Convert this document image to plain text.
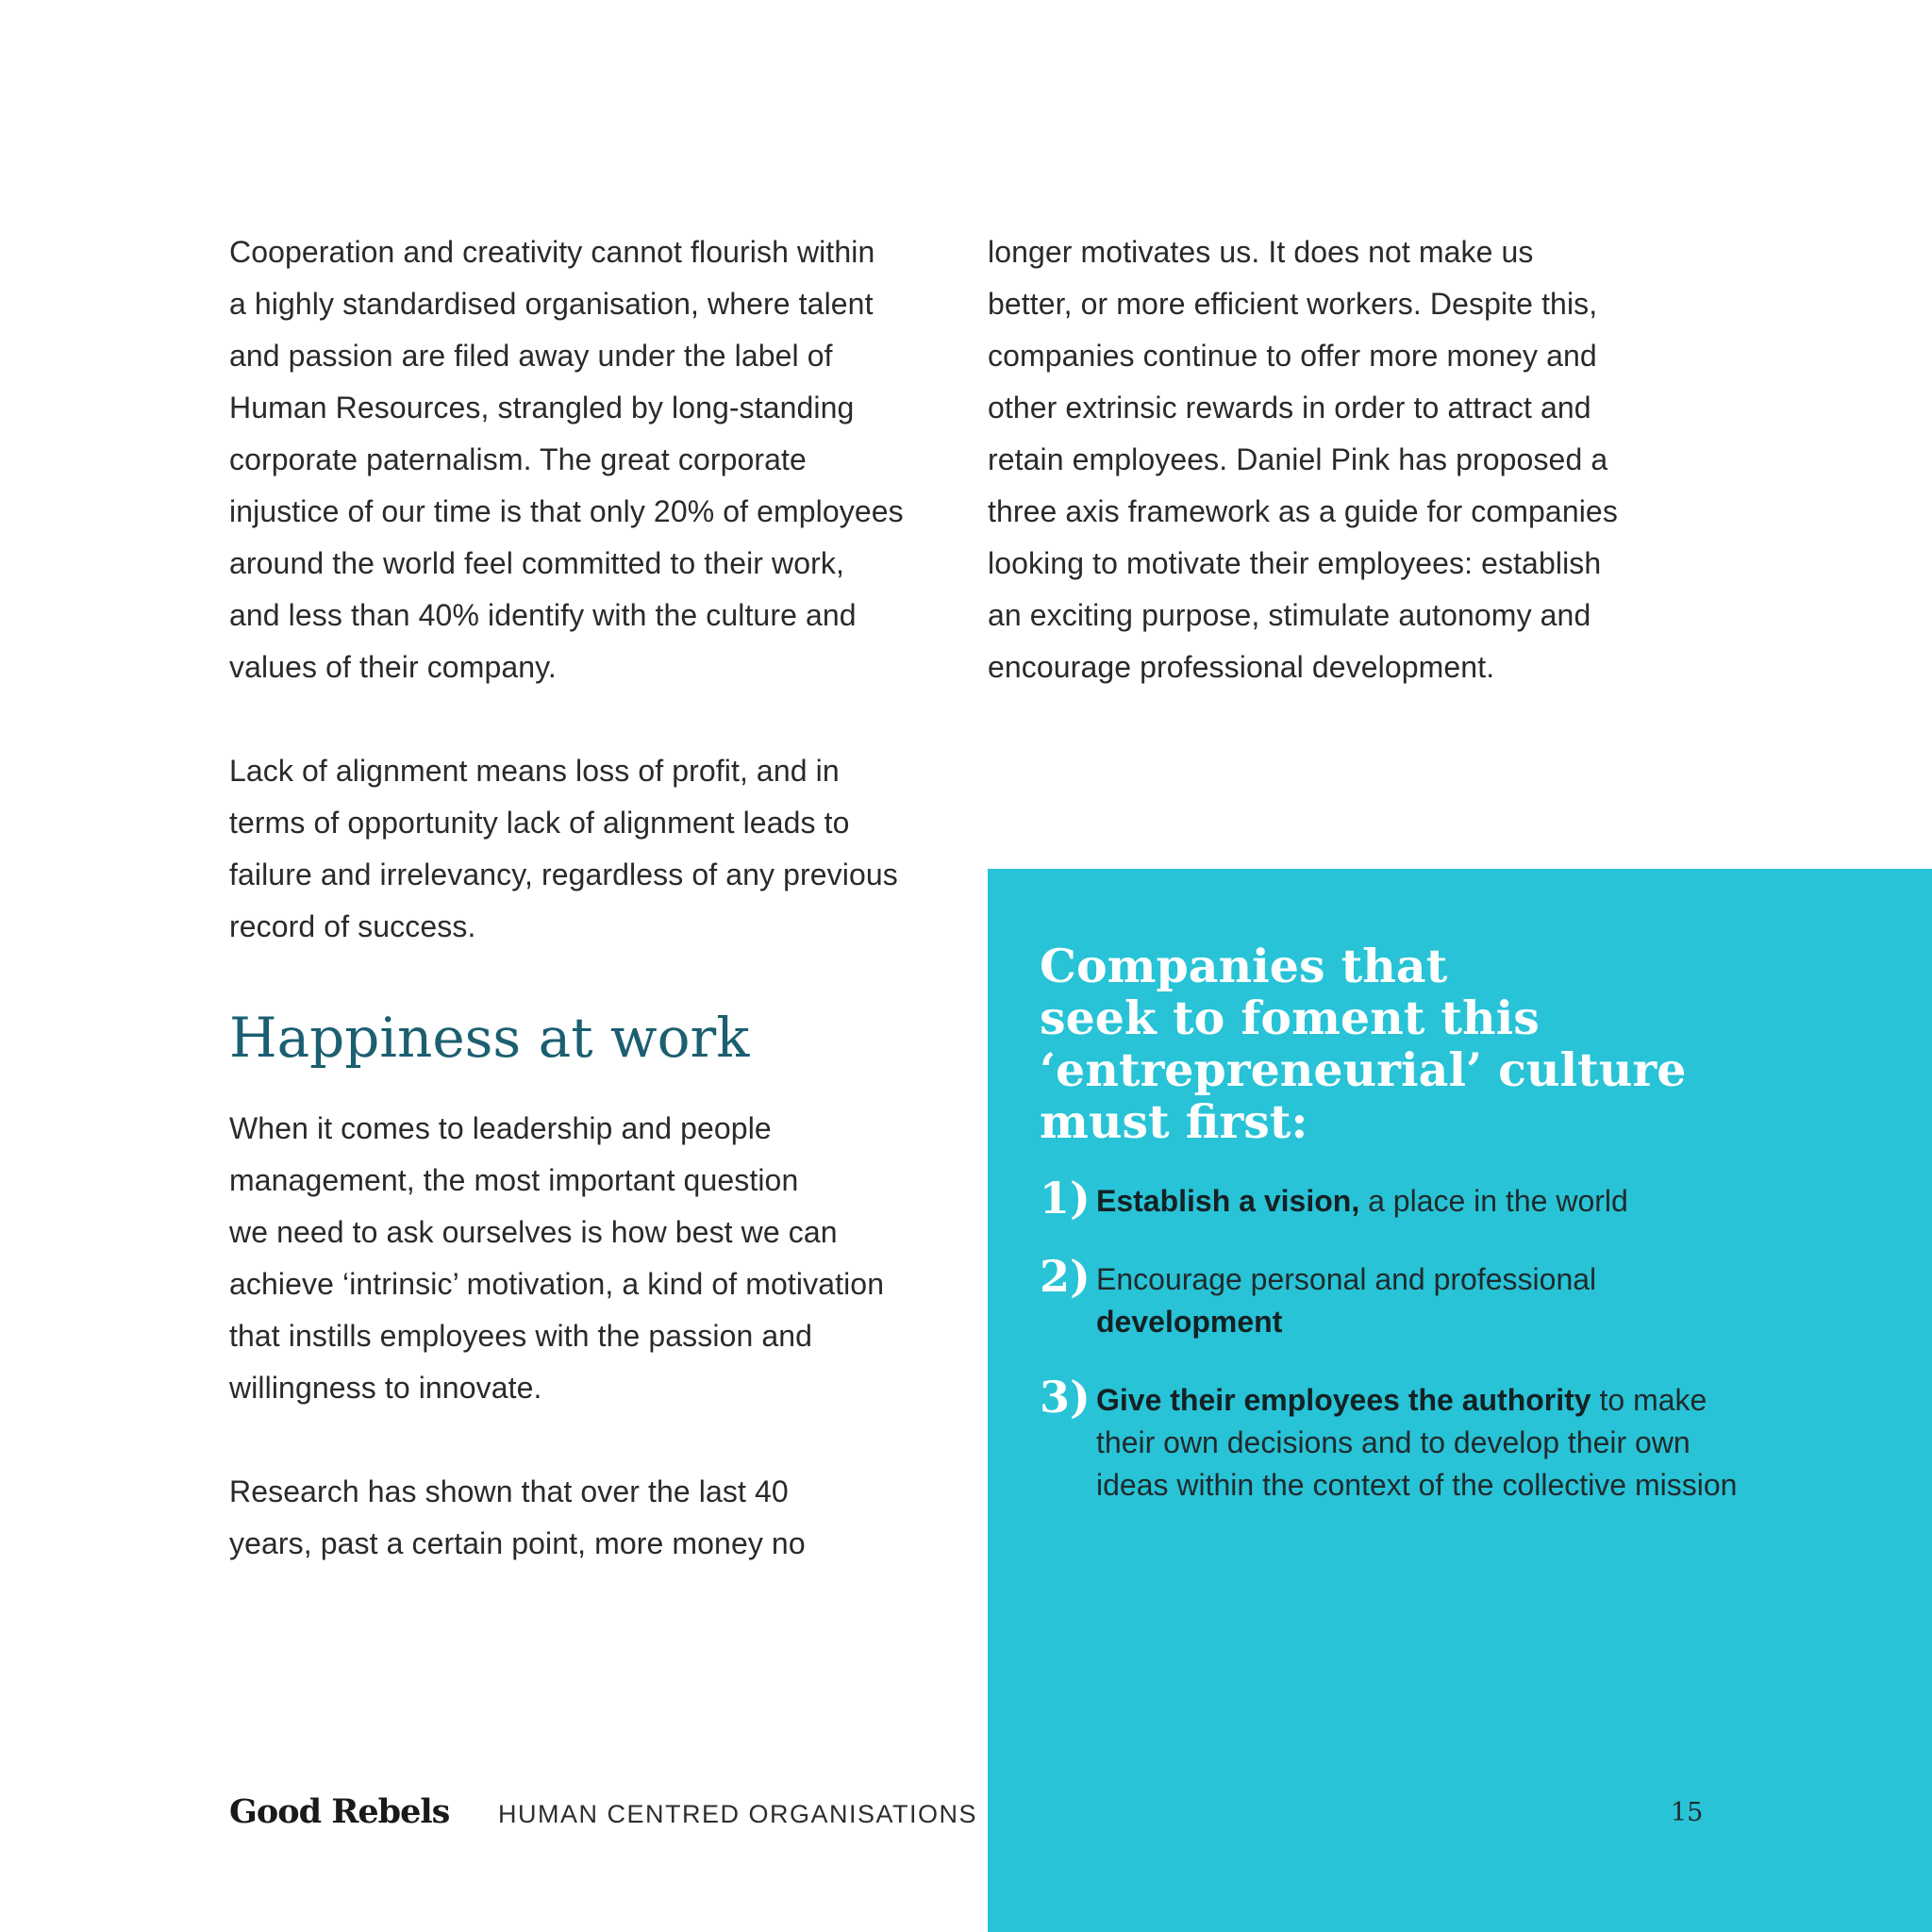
Cooperation and creativity cannot flourish within
a highly standardised organisation, where talent
and passion are filed away under the label of
Human Resources, strangled by long-standing
corporate paternalism. The great corporate
injustice of our time is that only 20% of employees
around the world feel committed to their work,
and less than 40% identify with the culture and
values of their company.

Lack of alignment means loss of profit, and in
terms of opportunity lack of alignment leads to
failure and irrelevancy, regardless of any previous
record of success.

Happiness at work

When it comes to leadership and people
management, the most important question
we need to ask ourselves is how best we can
achieve ‘intrinsic’ motivation, a kind of motivation
that instills employees with the passion and
willingness to innovate.

Research has shown that over the last 40
years, past a certain point, more money no

longer motivates us. It does not make us
better, or more efficient workers. Despite this,
companies continue to offer more money and
other extrinsic rewards in order to attract and
retain employees. Daniel Pink has proposed a
three axis framework as a guide for companies
looking to motivate their employees: establish
an exciting purpose, stimulate autonomy and
encourage professional development.

Companies that
seek to foment this
‘entrepreneurial’ culture
must first:
1) Establish a vision, a place in the world
2) Encourage personal and professional
development
3) Give their employees the authority to make their own decisions and to develop their own ideas within the context of the collective mission
Good Rebels HUMAN CENTRED ORGANISATIONS	15
